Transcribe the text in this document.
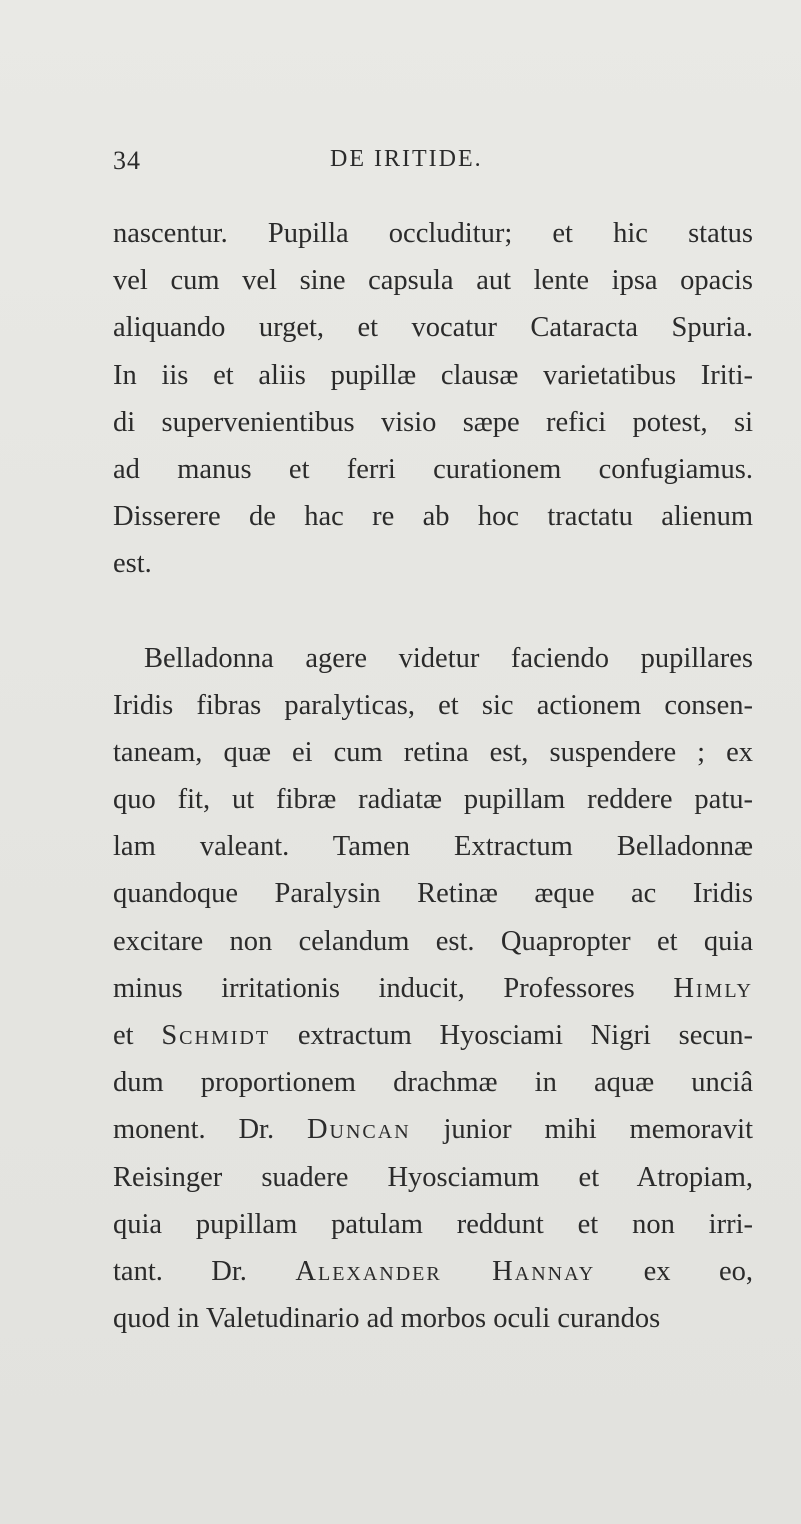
34	DE IRITIDE.
nascentur. Pupilla occluditur; et hic status
vel cum vel sine capsula aut lente ipsa opacis
aliquando urget, et vocatur Cataracta Spuria.
In iis et aliis pupillæ clausæ varietatibus Iriti-
di supervenientibus visio sæpe refici potest, si
ad manus et ferri curationem confugiamus.
Disserere de hac re ab hoc tractatu alienum
est.
Belladonna agere videtur faciendo pupillares
Iridis fibras paralyticas, et sic actionem consen-
taneam, quæ ei cum retina est, suspendere ; ex
quo fit, ut fibræ radiatæ pupillam reddere patu-
lam valeant. Tamen Extractum Belladonnæ
quandoque Paralysin Retinæ æque ac Iridis
excitare non celandum est. Quapropter et quia
minus irritationis inducit, Professores Himly
et Schmidt extractum Hyosciami Nigri secun-
dum proportionem drachmæ in aquæ unciâ
monent. Dr. Duncan junior mihi memoravit
Reisinger suadere Hyosciamum et Atropiam,
quia pupillam patulam reddunt et non irri-
tant. Dr. Alexander Hannay ex eo,
quod in Valetudinario ad morbos oculi curandos
